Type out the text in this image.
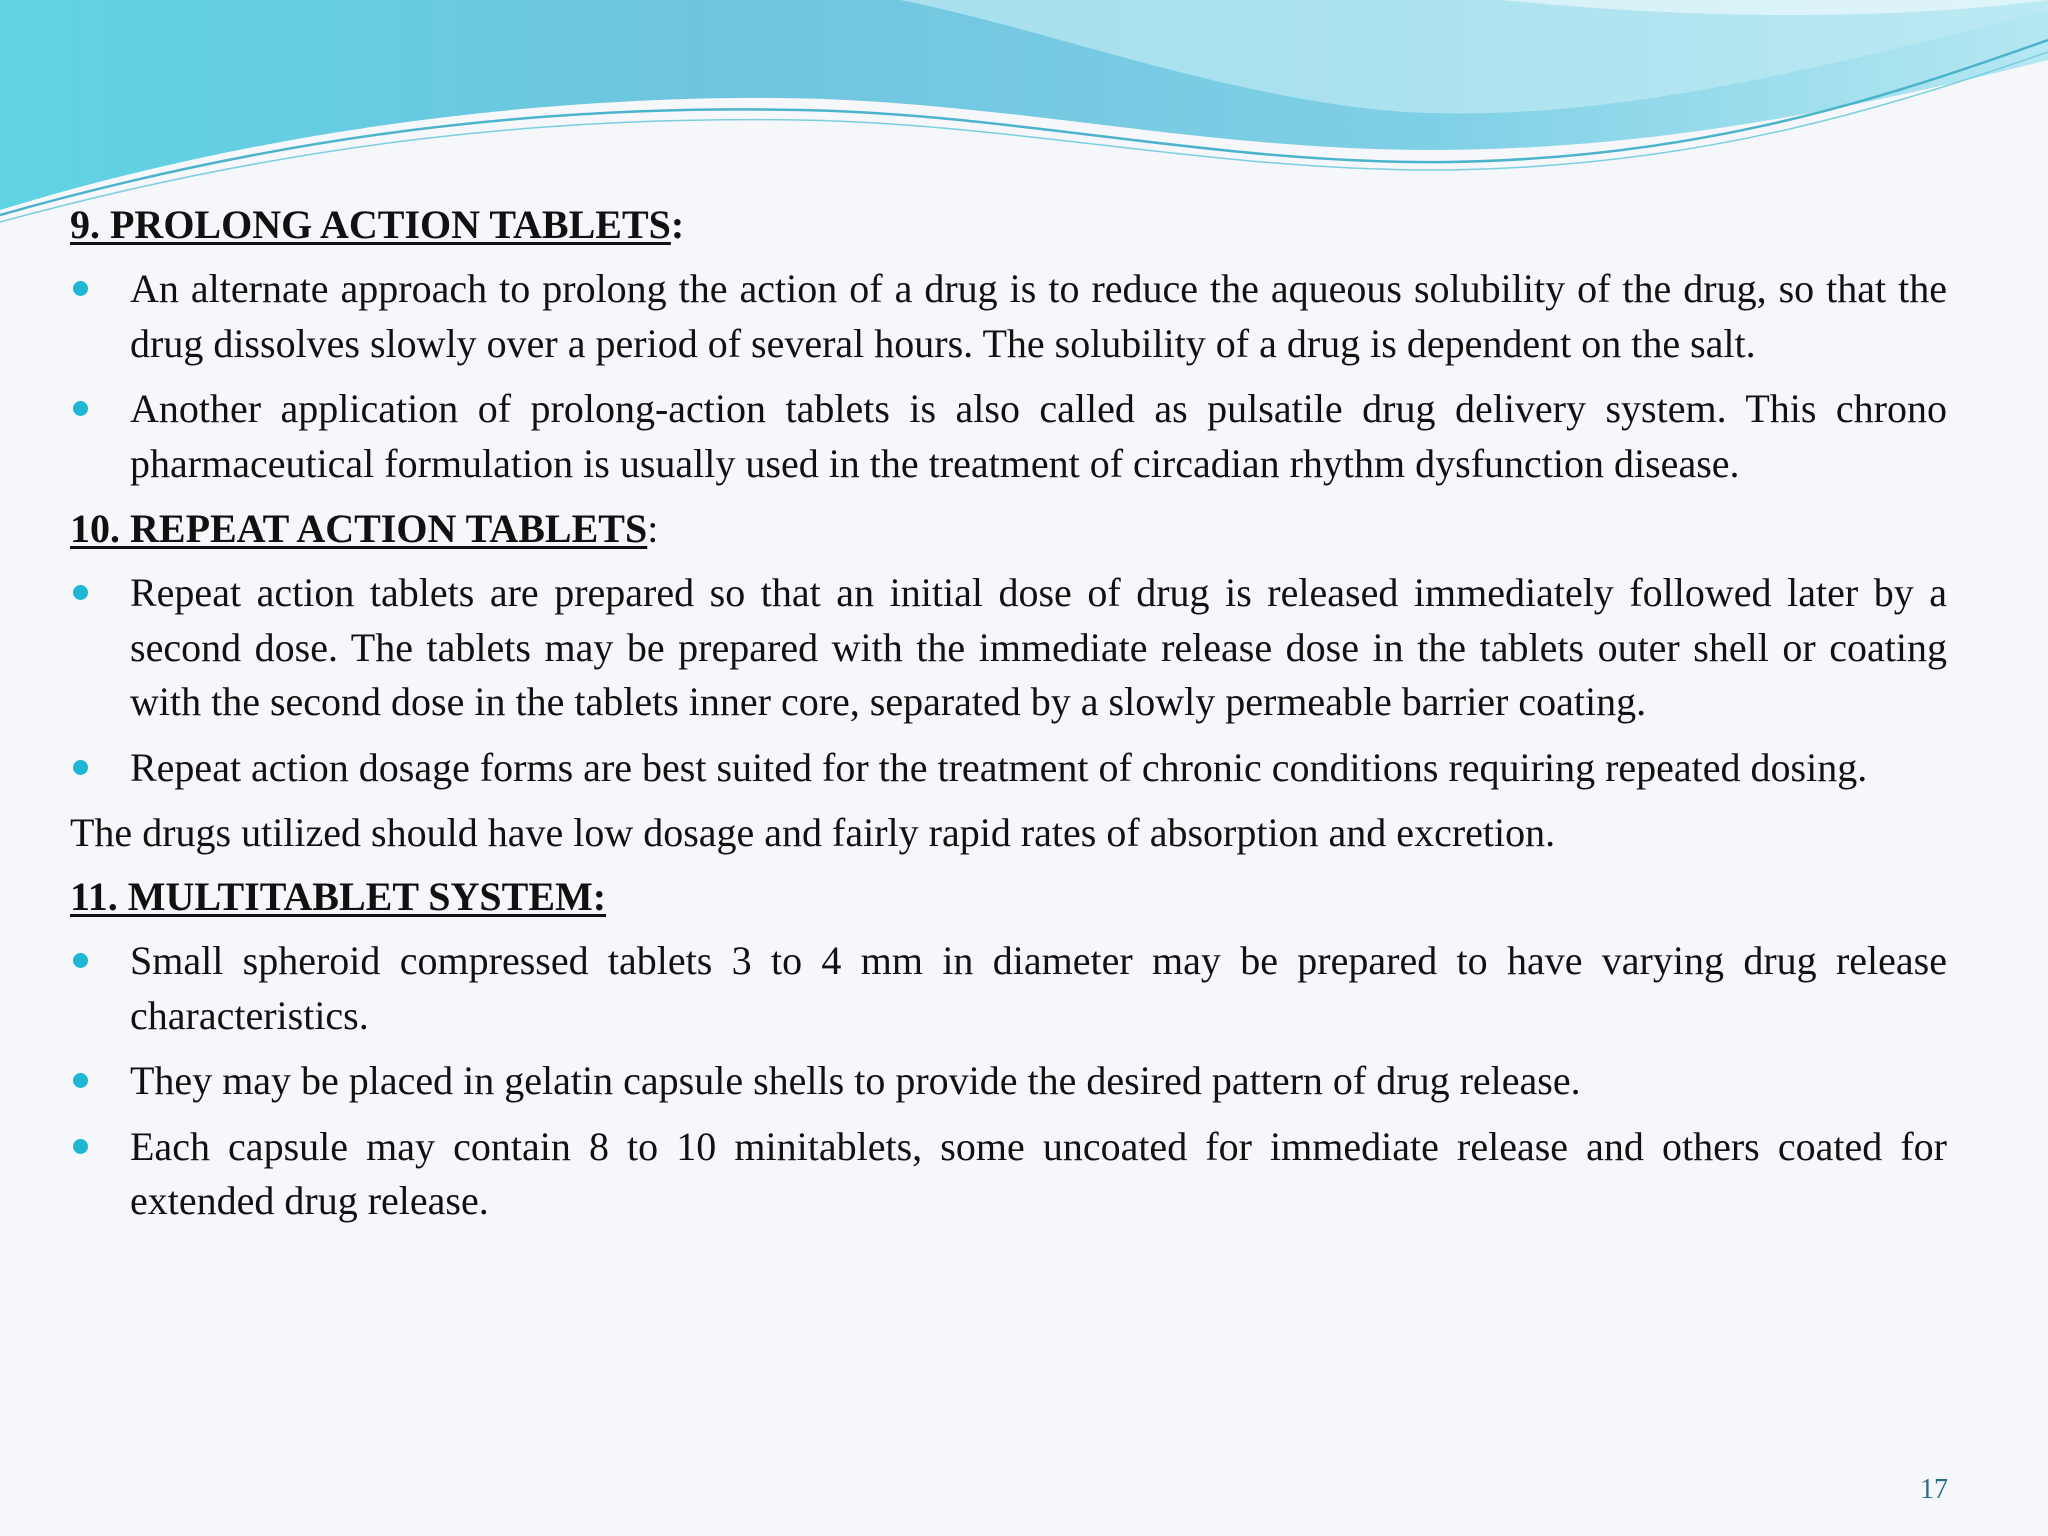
9. PROLONG ACTION TABLETS:
An alternate approach to prolong the action of a drug is to reduce the aqueous solubility of the drug, so that the drug dissolves slowly over a period of several hours. The solubility of a drug is dependent on the salt.
Another application of prolong-action tablets is also called as pulsatile drug delivery system. This chrono pharmaceutical formulation is usually used in the treatment of circadian rhythm dysfunction disease.
10. REPEAT ACTION TABLETS:
Repeat action tablets are prepared so that an initial dose of drug is released immediately followed later by a second dose. The tablets may be prepared with the immediate release dose in the tablets outer shell or coating with the second dose in the tablets inner core, separated by a slowly permeable barrier coating.
Repeat action dosage forms are best suited for the treatment of chronic conditions requiring repeated dosing.

The drugs utilized should have low dosage and fairly rapid rates of absorption and excretion.

11. MULTITABLET SYSTEM:
Small spheroid compressed tablets 3 to 4 mm in diameter may be prepared to have varying drug release characteristics.
They may be placed in gelatin capsule shells to provide the desired pattern of drug release.
Each capsule may contain 8 to 10 minitablets, some uncoated for immediate release and others coated for extended drug release.
17
